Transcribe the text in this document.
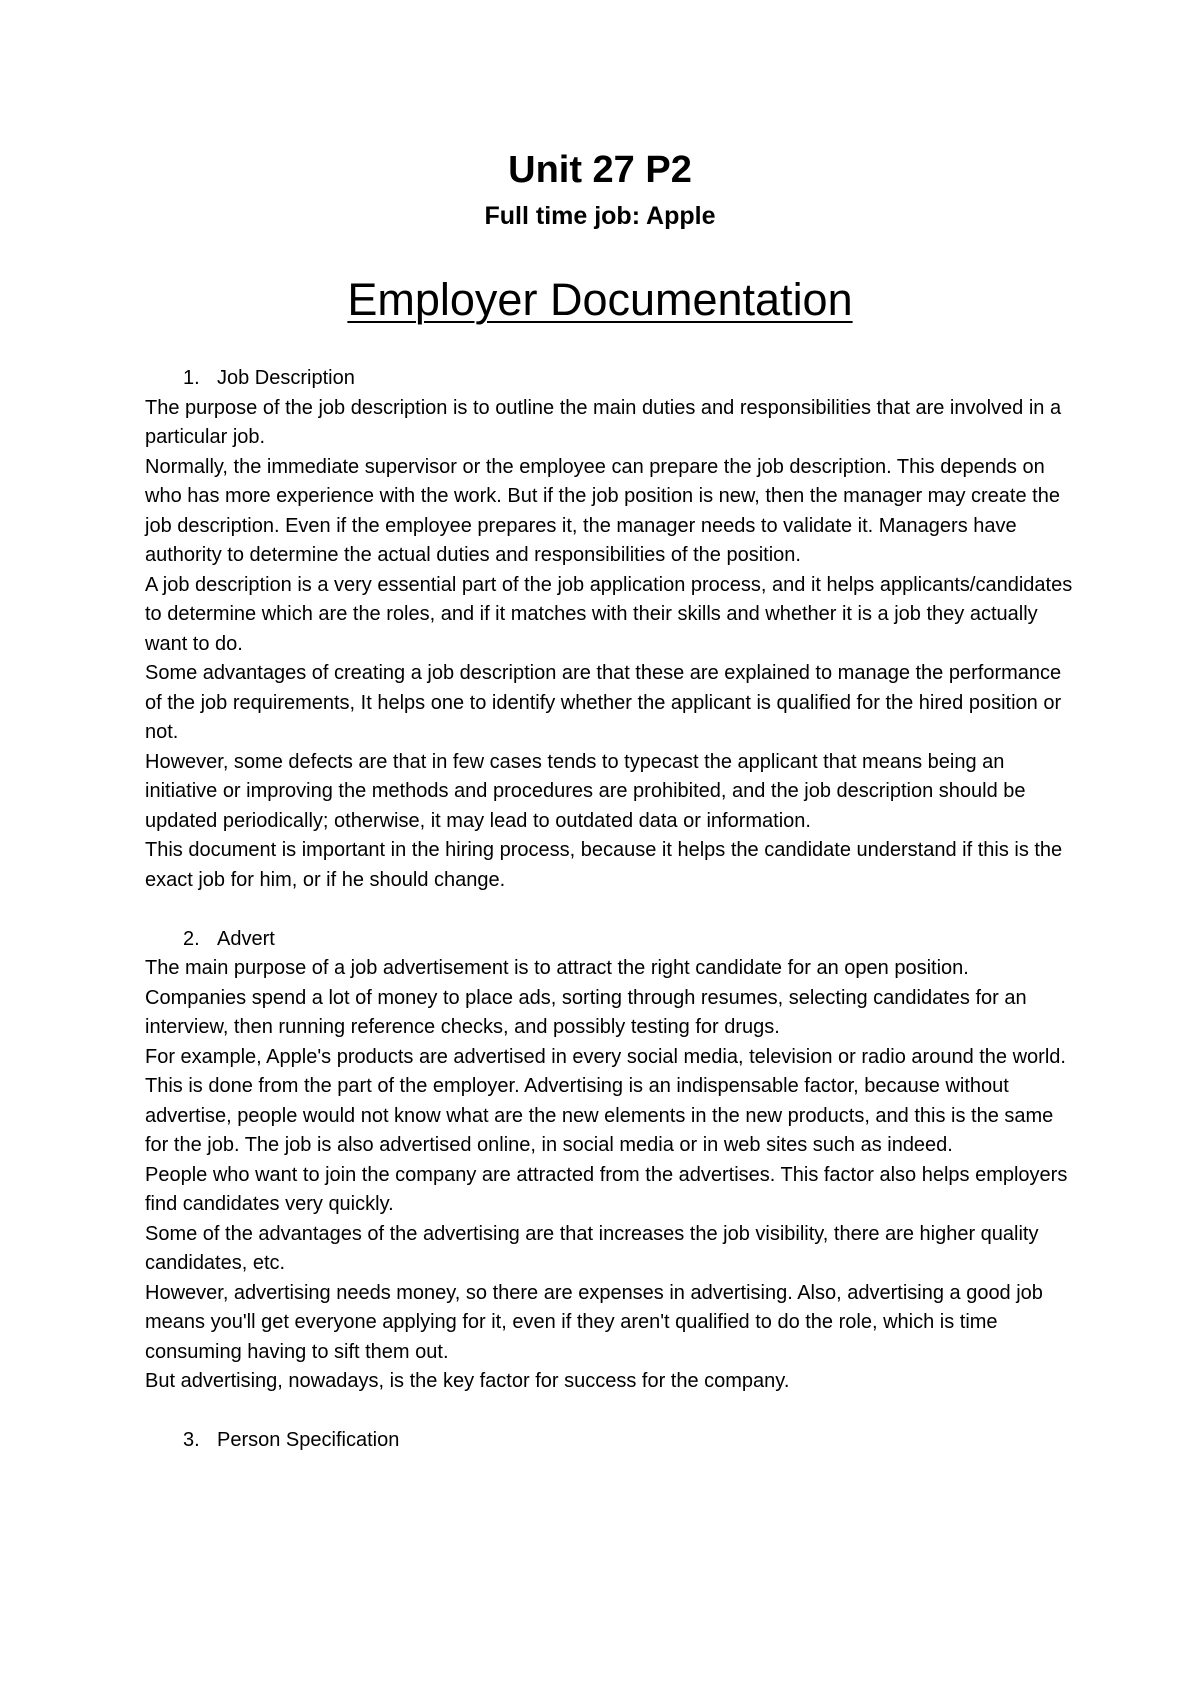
Unit 27 P2
Full time job: Apple
Employer Documentation

1. Job Description

The purpose of the job description is to outline the main duties and responsibilities that are involved in a particular job.

Normally, the immediate supervisor or the employee can prepare the job description. This depends on who has more experience with the work. But if the job position is new, then the manager may create the job description. Even if the employee prepares it, the manager needs to validate it. Managers have authority to determine the actual duties and responsibilities of the position.

A job description is a very essential part of the job application process, and it helps applicants/candidates to determine which are the roles, and if it matches with their skills and whether it is a job they actually want to do.

Some advantages of creating a job description are that these are explained to manage the performance of the job requirements, It helps one to identify whether the applicant is qualified for the hired position or not.

However, some defects are that in few cases tends to typecast the applicant that means being an initiative or improving the methods and procedures are prohibited, and the job description should be updated periodically; otherwise, it may lead to outdated data or information.

This document is important in the hiring process, because it helps the candidate understand if this is the exact job for him, or if he should change.

2. Advert

The main purpose of a job advertisement is to attract the right candidate for an open position. Companies spend a lot of money to place ads, sorting through resumes, selecting candidates for an interview, then running reference checks, and possibly testing for drugs.

For example, Apple's products are advertised in every social media, television or radio around the world. This is done from the part of the employer. Advertising is an indispensable factor, because without advertise, people would not know what are the new elements in the new products, and this is the same for the job. The job is also advertised online, in social media or in web sites such as indeed.

People who want to join the company are attracted from the advertises. This factor also helps employers find candidates very quickly.

Some of the advantages of the advertising are that increases the job visibility, there are higher quality candidates, etc.

However, advertising needs money, so there are expenses in advertising. Also, advertising a good job means you'll get everyone applying for it, even if they aren't qualified to do the role, which is time consuming having to sift them out.

But advertising, nowadays, is the key factor for success for the company.

3. Person Specification
